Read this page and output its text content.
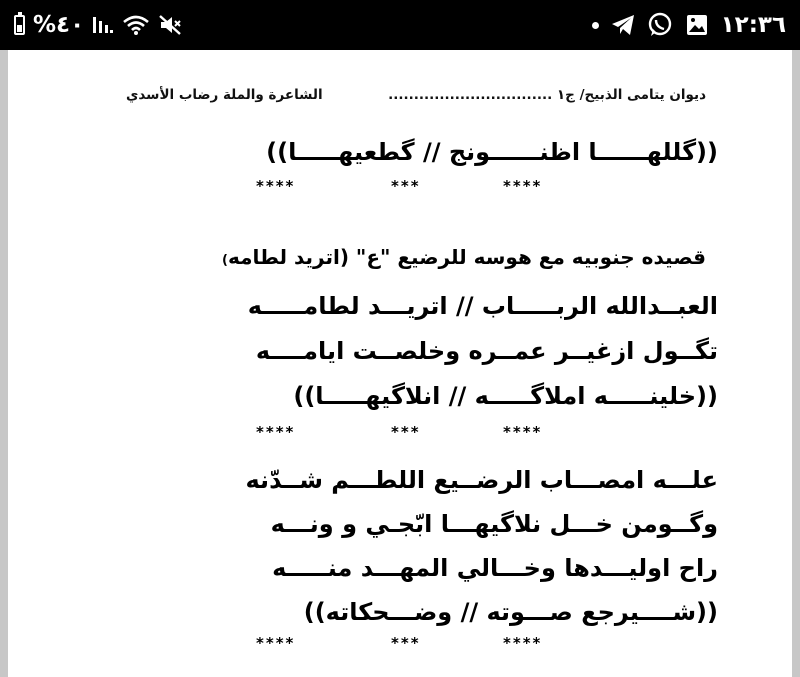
%٤٠	١٢:٣٦
الشاعرة والملة رضاب الأسدي	ديوان يتامى الذبيح/ ج١ ................................
((گللهــــــا اظنــــــونج // گطعيهـــــا))
****	***	****
قصيده جنوبيه مع هوسه للرضيع "ع" (اتريد لطامه)
العبــدالله الربـــــاب // اتريـــد لطامـــــه
تگــول ازغيــر عمــره وخلصــت ايامــــه
((خلينـــــه املاگـــــه // انلاگيهـــــا))
****	***	****
علـــه امصـــاب الرضــيع اللطـــم شــدّنه
وگــومن خـــل نلاگيهـــا ابّجـي و ونـــه
راح اوليـــدها وخـــالي المهـــد منـــــه
((شــــيرجع صـــوته // وضـــحكاته))
****	***	****
